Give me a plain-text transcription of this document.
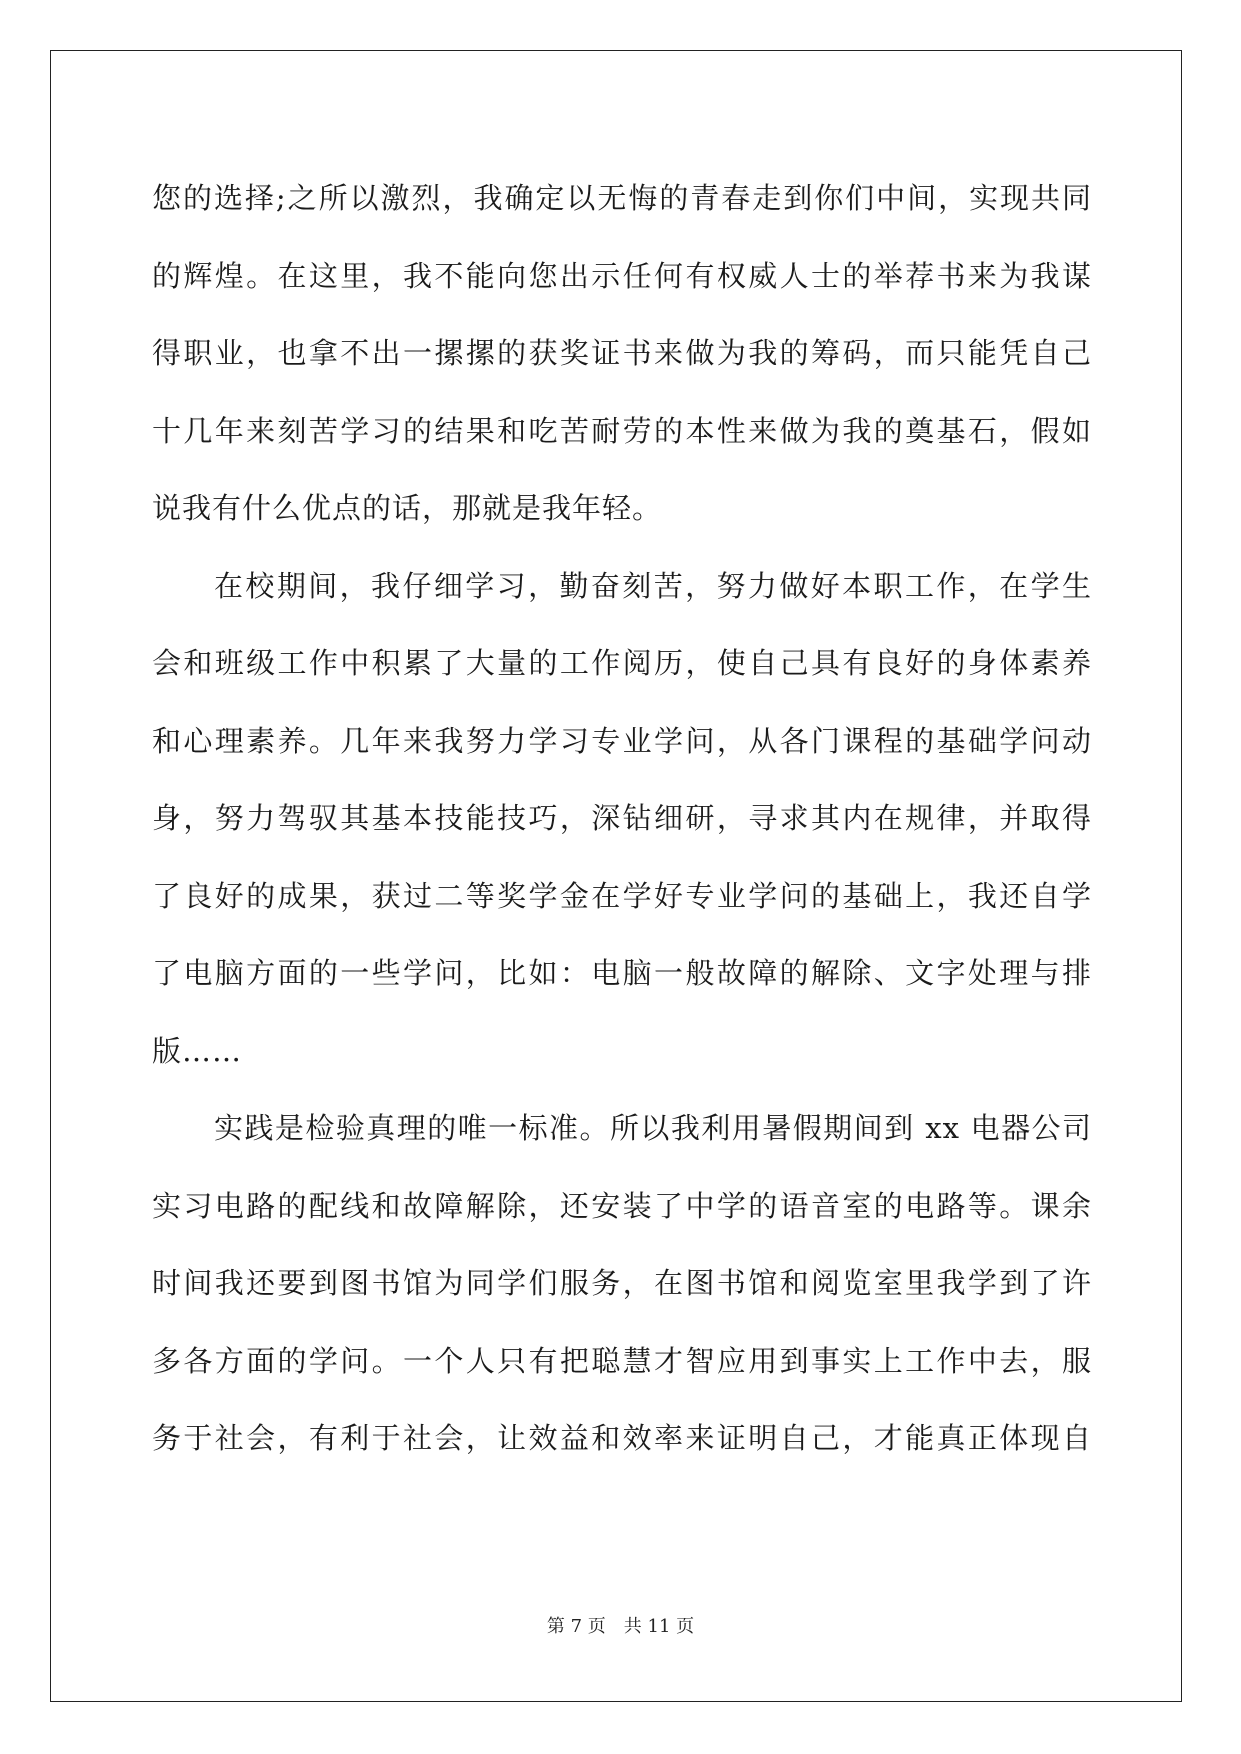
您的选择;之所以激烈，我确定以无悔的青春走到你们中间，实现共同
的辉煌。在这里，我不能向您出示任何有权威人士的举荐书来为我谋
得职业，也拿不出一摞摞的获奖证书来做为我的筹码，而只能凭自己
十几年来刻苦学习的结果和吃苦耐劳的本性来做为我的奠基石，假如
说我有什么优点的话，那就是我年轻。
在校期间，我仔细学习，勤奋刻苦，努力做好本职工作，在学生
会和班级工作中积累了大量的工作阅历，使自己具有良好的身体素养
和心理素养。几年来我努力学习专业学问，从各门课程的基础学问动
身，努力驾驭其基本技能技巧，深钻细研，寻求其内在规律，并取得
了良好的成果，获过二等奖学金在学好专业学问的基础上，我还自学
了电脑方面的一些学问，比如：电脑一般故障的解除、文字处理与排
版……
实践是检验真理的唯一标准。所以我利用暑假期间到 xx 电器公司
实习电路的配线和故障解除，还安装了中学的语音室的电路等。课余
时间我还要到图书馆为同学们服务，在图书馆和阅览室里我学到了许
多各方面的学问。一个人只有把聪慧才智应用到事实上工作中去，服
务于社会，有利于社会，让效益和效率来证明自己，才能真正体现自
第 7 页　共 11 页
